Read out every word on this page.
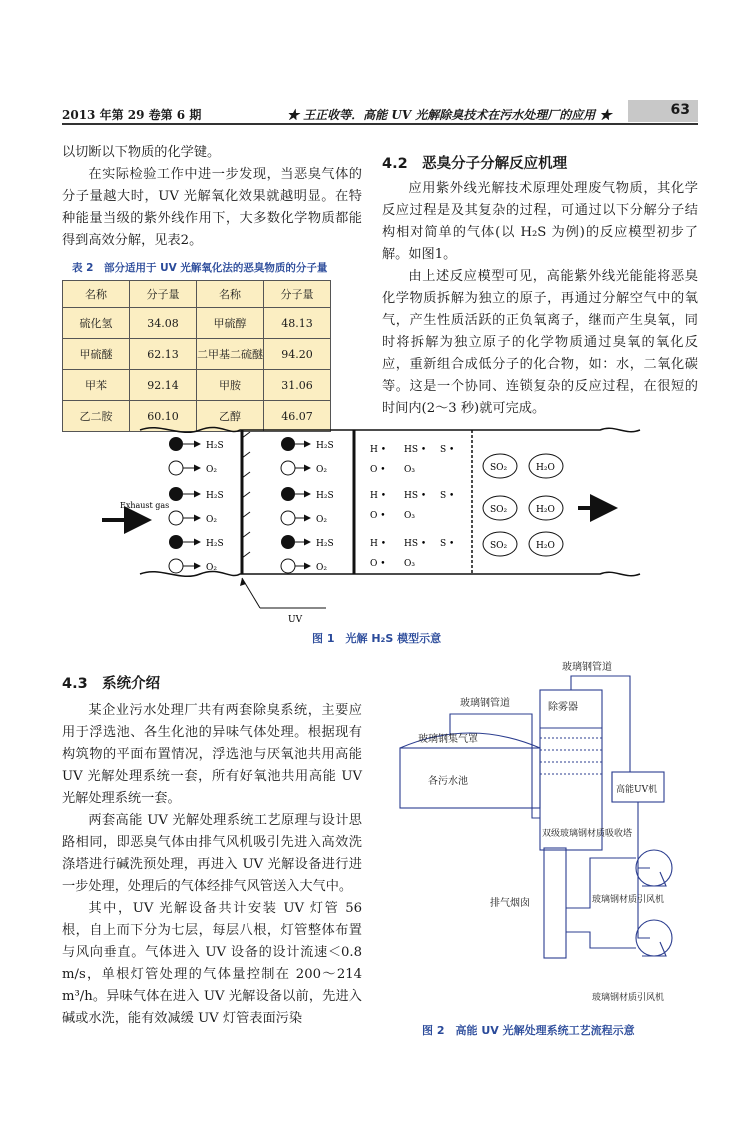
2013 年第 29 卷第 6 期	★ 王正收等．高能 UV 光解除臭技术在污水处理厂的应用 ★	63

以切断以下物质的化学键。

在实际检验工作中进一步发现，当恶臭气体的分子量越大时，UV 光解氧化效果就越明显。在特种能量当级的紫外线作用下，大多数化学物质都能得到高效分解，见表2。

表 2　部分适用于 UV 光解氧化法的恶臭物质的分子量
名称	分子量	名称	分子量
硫化氢	34.08	甲硫醇	48.13
甲硫醚	62.13	二甲基二硫醚	94.20
甲苯	92.14	甲胺	31.06
乙二胺	60.10	乙醇	46.07
4.2　恶臭分子分解反应机理

应用紫外线光解技术原理处理废气物质，其化学反应过程是及其复杂的过程，可通过以下分解分子结构相对简单的气体(以 H₂S 为例)的反应模型初步了解。如图1。

由上述反应模型可见，高能紫外线光能能将恶臭化学物质拆解为独立的原子，再通过分解空气中的氧气，产生性质活跃的正负氧离子，继而产生臭氧，同时将拆解为独立原子的化学物质通过臭氧的氧化反应，重新组合成低分子的化合物，如：水，二氧化碳等。这是一个协同、连锁复杂的反应过程，在很短的时间内(2～3 秒)就可完成。

Exhaust gas
H₂S
O₂
H₂S
O₂
H₂S
O₂
H₂S
O₂
H₂S
O₂
H₂S
O₂
H • HS • S •
O • O₃
H • HS • S •
O • O₃
H • HS • S •
O • O₃
SO₂	H₂O
SO₂	H₂O
SO₂	H₂O
UV
图 1　光解 H₂S 模型示意
4.3　系统介绍

某企业污水处理厂共有两套除臭系统，主要应用于浮选池、各生化池的异味气体处理。根据现有构筑物的平面布置情况，浮选池与厌氧池共用高能 UV 光解处理系统一套，所有好氧池共用高能 UV 光解处理系统一套。

两套高能 UV 光解处理系统工艺原理与设计思路相同，即恶臭气体由排气风机吸引先进入高效洗涤塔进行碱洗预处理，再进入 UV 光解设备进行进一步处理，处理后的气体经排气风管送入大气中。

其中，UV 光解设备共计安装 UV 灯管 56 根，自上而下分为七层，每层八根，灯管整体布置与风向垂直。气体进入 UV 设备的设计流速＜0.8 m/s，单根灯管处理的气体量控制在 200～214 m³/h。异味气体在进入 UV 光解设备以前，先进入碱或水洗，能有效减缓 UV 灯管表面污染

玻璃钢管道
玻璃钢管道	除雾器
玻璃钢集气罩
各污水池
双级玻璃钢材质吸收塔
高能UV机
排气烟囱	玻璃钢材质引风机
玻璃钢材质引风机
图 2　高能 UV 光解处理系统工艺流程示意
